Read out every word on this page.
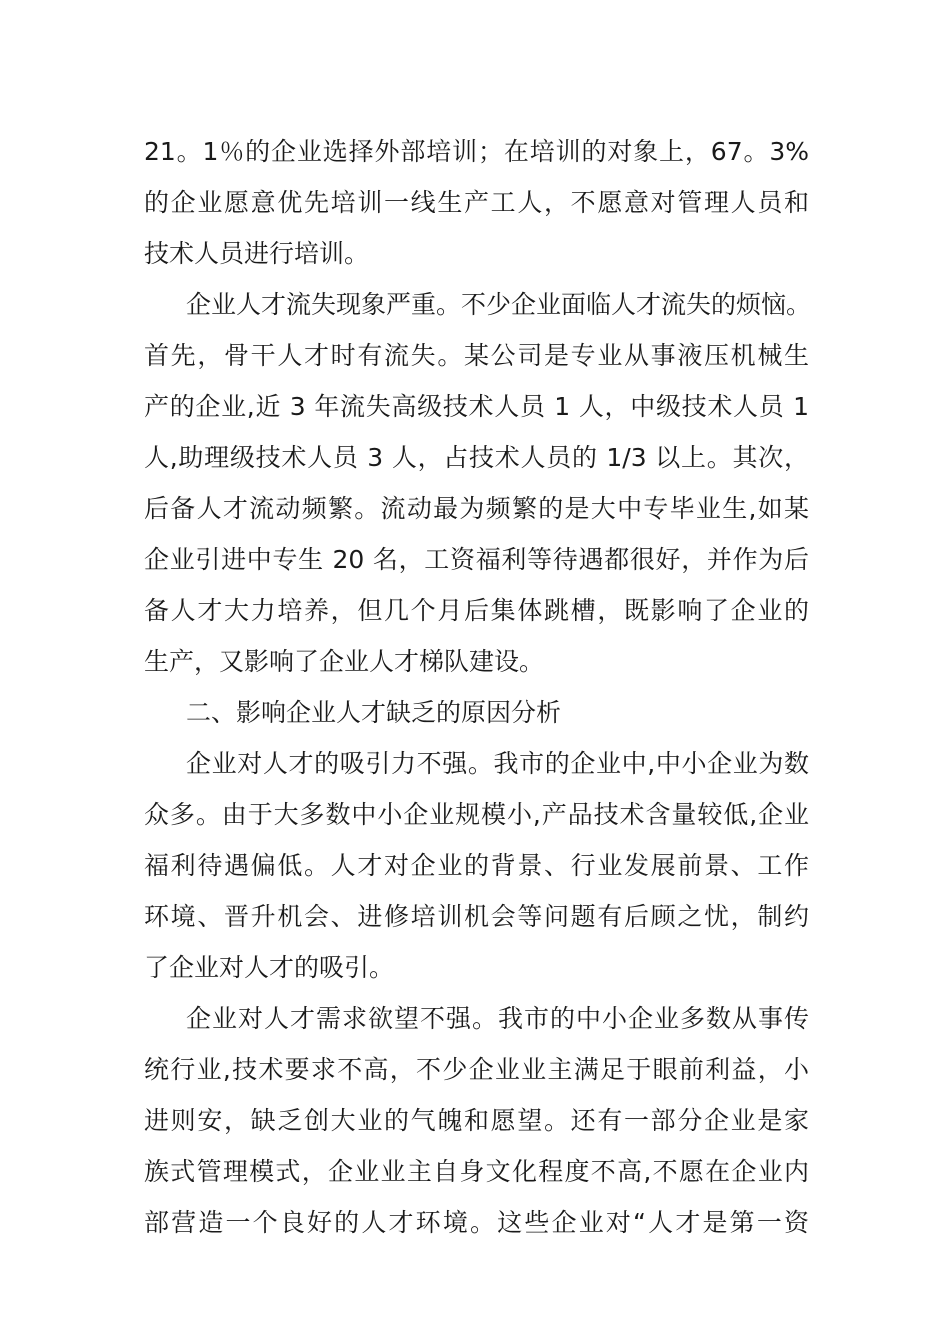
21。1％的企业选择外部培训；在培训的对象上，67。3%
的企业愿意优先培训一线生产工人，不愿意对管理人员和
技术人员进行培训。
企业人才流失现象严重。不少企业面临人才流失的烦恼。
首先，骨干人才时有流失。某公司是专业从事液压机械生
产的企业,近 3 年流失高级技术人员 1 人，中级技术人员 1
人,助理级技术人员 3 人，占技术人员的 1/3 以上。其次，
后备人才流动频繁。流动最为频繁的是大中专毕业生,如某
企业引进中专生 20 名，工资福利等待遇都很好，并作为后
备人才大力培养，但几个月后集体跳槽，既影响了企业的
生产，又影响了企业人才梯队建设。
二、影响企业人才缺乏的原因分析
企业对人才的吸引力不强。我市的企业中,中小企业为数
众多。由于大多数中小企业规模小,产品技术含量较低,企业
福利待遇偏低。人才对企业的背景、行业发展前景、工作
环境、晋升机会、进修培训机会等问题有后顾之忧，制约
了企业对人才的吸引。
企业对人才需求欲望不强。我市的中小企业多数从事传
统行业,技术要求不高，不少企业业主满足于眼前利益，小
进则安，缺乏创大业的气魄和愿望。还有一部分企业是家
族式管理模式，企业业主自身文化程度不高,不愿在企业内
部营造一个良好的人才环境。这些企业对“人才是第一资
